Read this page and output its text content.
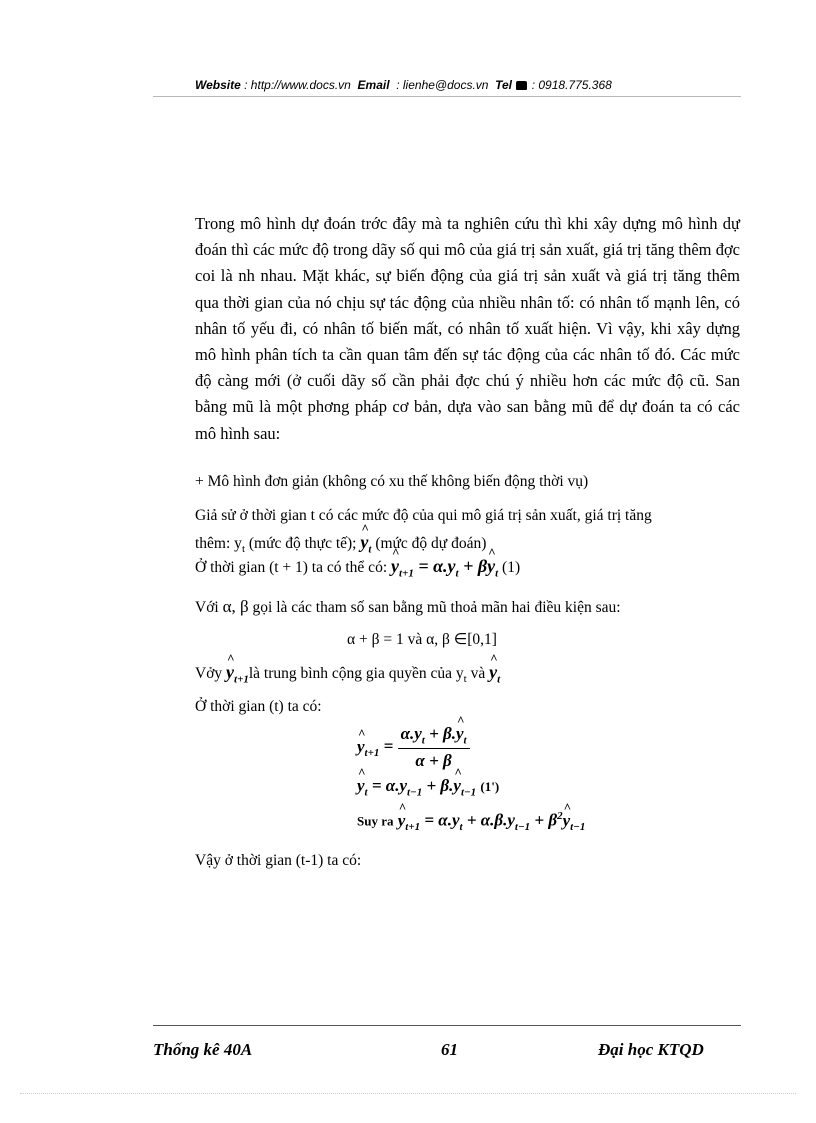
Website : http://www.docs.vn Email : lienhe@docs.vn Tel : 0918.775.368
Trong mô hình dự đoán trớc đây mà ta nghiên cứu thì khi xây dựng mô hình dự đoán thì các mức độ trong dãy số qui mô của giá trị sản xuất, giá trị tăng thêm đợc coi là nh nhau. Mặt khác, sự biến động của giá trị sản xuất và giá trị tăng thêm qua thời gian của nó chịu sự tác động của nhiều nhân tố: có nhân tố mạnh lên, có nhân tố yếu đi, có nhân tố biến mất, có nhân tố xuất hiện. Vì vậy, khi xây dựng mô hình phân tích ta cần quan tâm đến sự tác động của các nhân tố đó. Các mức độ càng mới (ở cuối dãy số cần phải đợc chú ý nhiều hơn các mức độ cũ. San bằng mũ là một phơng pháp cơ bản, dựa vào san bằng mũ để dự đoán ta có các mô hình sau:
+ Mô hình đơn giản (không có xu thế không biến động thời vụ)
Giả sử ở thời gian t có các mức độ của qui mô giá trị sản xuất, giá trị tăng
thêm: $y_t$ (mức độ thực tế); ^ $y_t$ (mức độ dự đoán)
Ở thời gian (t + 1) ta có thể có: ^ $y_{t+1} = \alpha.y_t$ + β^ $y_t$ (1)
Với α, β gọi là các tham số san bằng mũ thoả mãn hai điều kiện sau:
α + β = 1 và α, β ∈[0,1]
Vởy ^ $y_{t+1}là$ trung bình cộng gia quyền của $y_t$ và ^ $y_t$
Ở thời gian (t) ta có:
^ $y_{t+1} = \frac{\alpha.y_t + \beta.\^{} y_t}{\alpha + \beta}$
^ $y_t = \alpha.y_{t-1}$ + β.^ $y_{t-1}$ (1')
Suy ra ^ $y_{t+1} = \alpha.y_t + \alpha.\beta.y_{t-1}$ + $\beta^2\^{}$ $y_{t-1}$
Vậy ở thời gian (t-1) ta có:
Thống kê 40A	61	Đại học KTQD
